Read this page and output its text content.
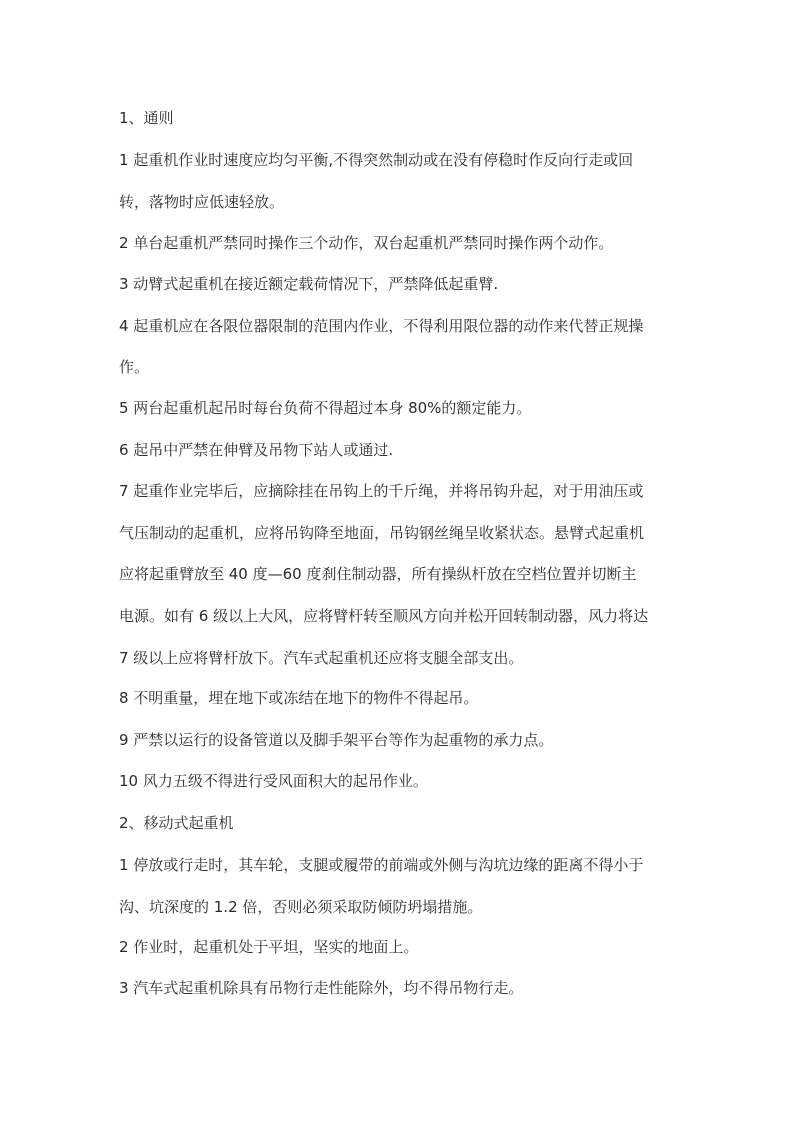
1、通则
1 起重机作业时速度应均匀平衡,不得突然制动或在没有停稳时作反向行走或回
转，落物时应低速轻放。
2 单台起重机严禁同时操作三个动作，双台起重机严禁同时操作两个动作。
3 动臂式起重机在接近额定载荷情况下，严禁降低起重臂.
4 起重机应在各限位器限制的范围内作业，不得利用限位器的动作来代替正规操
作。
5 两台起重机起吊时每台负荷不得超过本身 80%的额定能力。
6 起吊中严禁在伸臂及吊物下站人或通过.
7 起重作业完毕后，应摘除挂在吊钩上的千斤绳，并将吊钩升起，对于用油压或
气压制动的起重机，应将吊钩降至地面，吊钩钢丝绳呈收紧状态。悬臂式起重机
应将起重臂放至 40 度—60 度刹住制动器，所有操纵杆放在空档位置并切断主
电源。如有 6 级以上大风，应将臂杆转至顺风方向并松开回转制动器，风力将达
7 级以上应将臂杆放下。汽车式起重机还应将支腿全部支出。
8 不明重量，埋在地下或冻结在地下的物件不得起吊。
9 严禁以运行的设备管道以及脚手架平台等作为起重物的承力点。
10 风力五级不得进行受风面积大的起吊作业。
2、移动式起重机
1 停放或行走时，其车轮，支腿或履带的前端或外侧与沟坑边缘的距离不得小于
沟、坑深度的 1.2 倍，否则必须采取防倾防坍塌措施。
2 作业时，起重机处于平坦，坚实的地面上。
3 汽车式起重机除具有吊物行走性能除外，均不得吊物行走。
